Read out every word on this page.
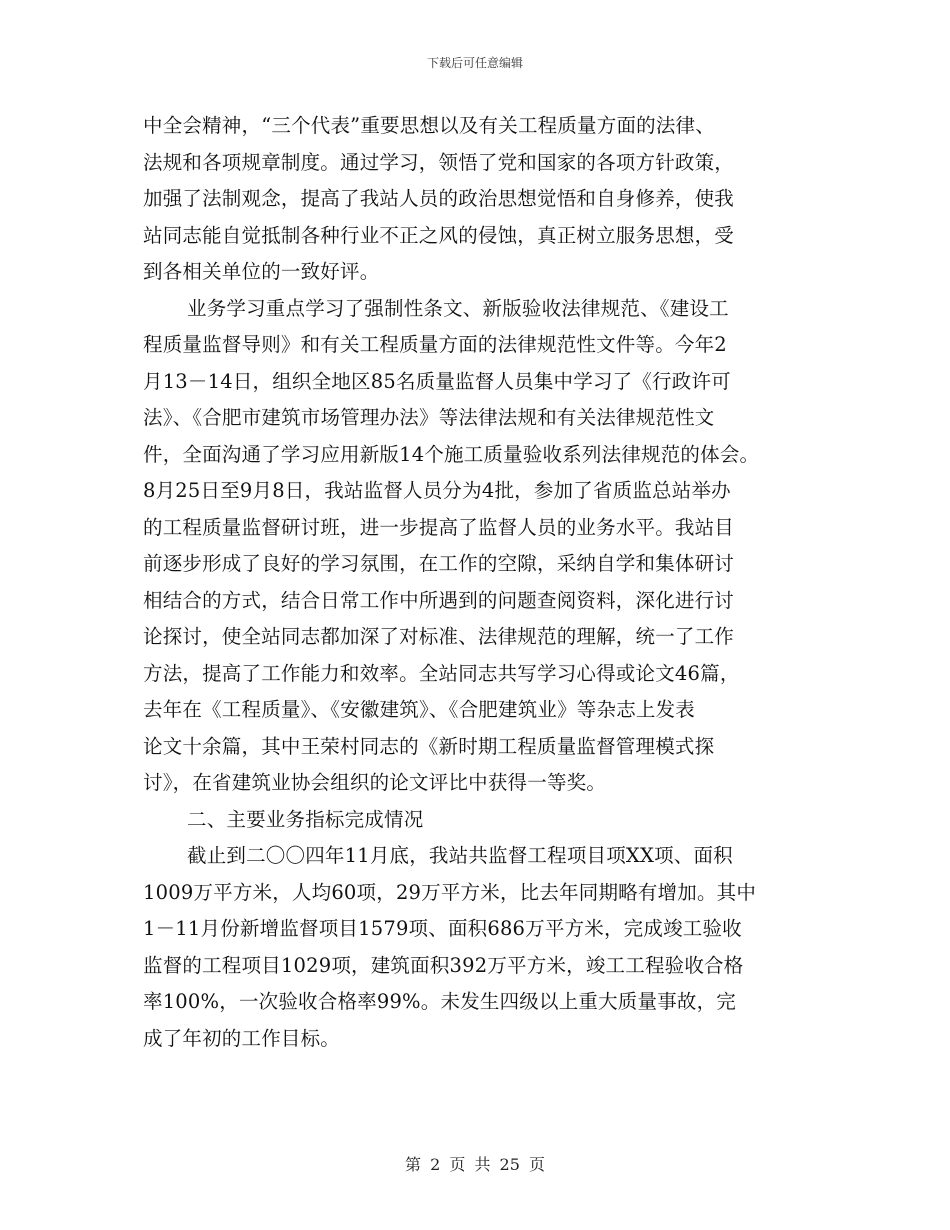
下载后可任意编辑
中全会精神，“三个代表”重要思想以及有关工程质量方面的法律、
法规和各项规章制度。通过学习，领悟了党和国家的各项方针政策，
加强了法制观念，提高了我站人员的政治思想觉悟和自身修养，使我
站同志能自觉抵制各种行业不正之风的侵蚀，真正树立服务思想，受
到各相关单位的一致好评。
业务学习重点学习了强制性条文、新版验收法律规范、《建设工
程质量监督导则》和有关工程质量方面的法律规范性文件等。今年2
月13－14日，组织全地区85名质量监督人员集中学习了《行政许可
法》、《合肥市建筑市场管理办法》等法律法规和有关法律规范性文
件，全面沟通了学习应用新版14个施工质量验收系列法律规范的体会。
8月25日至9月8日，我站监督人员分为4批，参加了省质监总站举办
的工程质量监督研讨班，进一步提高了监督人员的业务水平。我站目
前逐步形成了良好的学习氛围，在工作的空隙，采纳自学和集体研讨
相结合的方式，结合日常工作中所遇到的问题查阅资料，深化进行讨
论探讨，使全站同志都加深了对标准、法律规范的理解，统一了工作
方法，提高了工作能力和效率。全站同志共写学习心得或论文46篇，
去年在《工程质量》、《安徽建筑》、《合肥建筑业》等杂志上发表
论文十余篇，其中王荣村同志的《新时期工程质量监督管理模式探
讨》，在省建筑业协会组织的论文评比中获得一等奖。
二、主要业务指标完成情况
截止到二〇〇四年11月底，我站共监督工程项目项XX项、面积
1009万平方米，人均60项，29万平方米，比去年同期略有增加。其中
1－11月份新增监督项目1579项、面积686万平方米，完成竣工验收
监督的工程项目1029项，建筑面积392万平方米，竣工工程验收合格
率100%，一次验收合格率99%。未发生四级以上重大质量事故，完
成了年初的工作目标。
第 2 页 共 25 页
